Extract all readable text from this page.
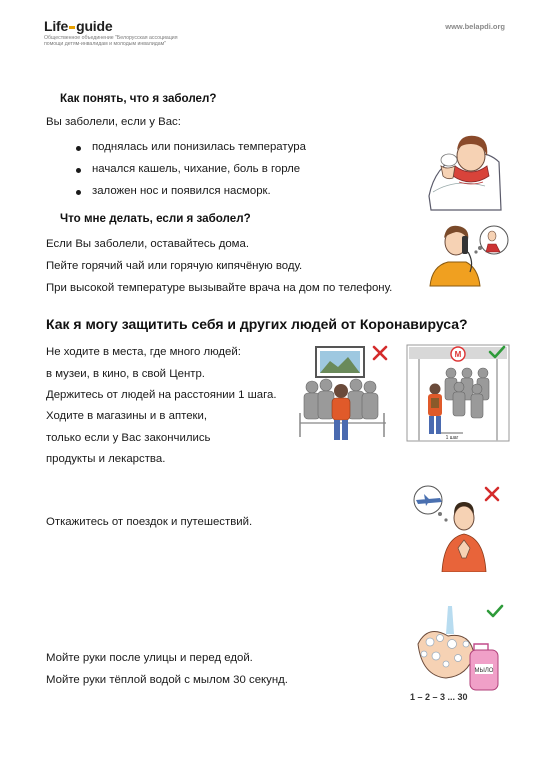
Life guide
Общественное объединение "Белорусская ассоциация
помощи детям-инвалидам и молодым инвалидам"
www.belapdi.org
Как понять, что я заболел?
Вы заболели, если у Вас:
поднялась или понизилась температура
начался кашель, чихание, боль в горле
заложен нос и появился насморк.
Что мне делать, если я заболел?
Если Вы заболели, оставайтесь дома.
Пейте горячий чай или горячую кипячёную воду.
При высокой температуре вызывайте врача на дом по телефону.
Как я могу защитить себя и других людей от Коронавируса?
Не ходите в места, где много людей:
в музеи, в кино, в свой Центр.
Держитесь от людей на расстоянии 1 шага.
Ходите в магазины и в аптеки,
только если у Вас закончились
продукты и лекарства.
М
1 шаг
Откажитесь от поездок и путешествий.
Мойте руки после улицы и перед едой.
Мойте руки тёплой водой с мылом 30 секунд.
МЫЛО
1 – 2 – 3 ... 30
